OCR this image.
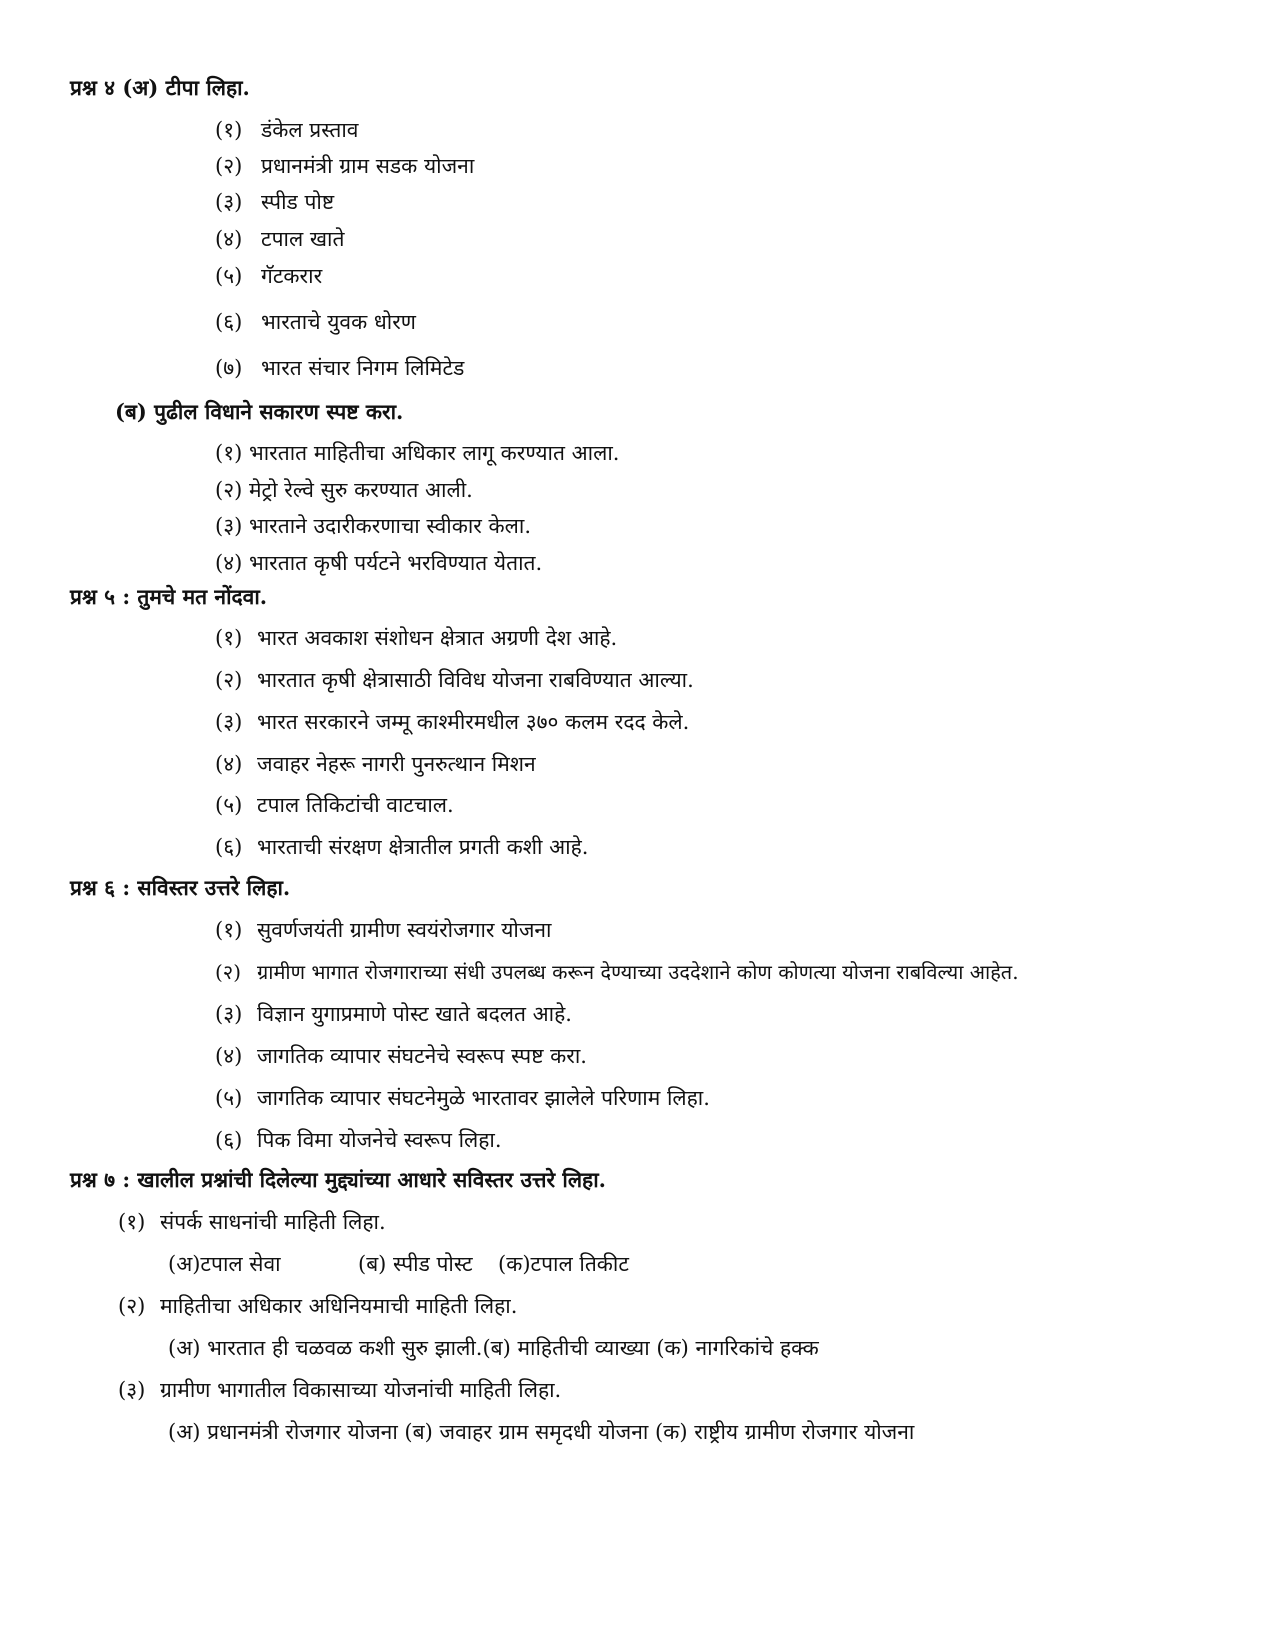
प्रश्न ४ (अ) टीपा लिहा.
(१) डंकेल प्रस्ताव
(२) प्रधानमंत्री ग्राम सडक योजना
(३) स्पीड पोष्ट
(४) टपाल खाते
(५) गॅटकरार
(६) भारताचे युवक धोरण
(७) भारत संचार निगम लिमिटेड
(ब) पुढील विधाने सकारण स्पष्ट करा.
(१) भारतात माहितीचा अधिकार लागू करण्यात आला.
(२) मेट्रो रेल्वे सुरु करण्यात आली.
(३) भारताने उदारीकरणाचा स्वीकार केला.
(४) भारतात कृषी पर्यटने भरविण्यात येतात.
प्रश्न ५ : तुमचे मत नोंदवा.
(१) भारत अवकाश संशोधन क्षेत्रात अग्रणी देश आहे.
(२) भारतात कृषी क्षेत्रासाठी विविध योजना राबविण्यात आल्या.
(३) भारत सरकारने जम्मू काश्मीरमधील ३७० कलम रदद केले.
(४) जवाहर नेहरू नागरी पुनरुत्थान मिशन
(५) टपाल तिकिटांची वाटचाल.
(६) भारताची संरक्षण क्षेत्रातील प्रगती कशी आहे.
प्रश्न ६ : सविस्तर उत्तरे लिहा.
(१) सुवर्णजयंती ग्रामीण स्वयंरोजगार योजना
(२) ग्रामीण भागात रोजगाराच्या संधी उपलब्ध करून देण्याच्या उददेशाने कोण कोणत्या योजना राबविल्या आहेत.
(३) विज्ञान युगाप्रमाणे पोस्ट खाते बदलत आहे.
(४) जागतिक व्यापार संघटनेचे स्वरूप स्पष्ट करा.
(५) जागतिक व्यापार संघटनेमुळे भारतावर झालेले परिणाम लिहा.
(६) पिक विमा योजनेचे स्वरूप लिहा.
प्रश्न ७ : खालील प्रश्नांची दिलेल्या मुद्द्यांच्या आधारे सविस्तर उत्तरे लिहा.
(१) संपर्क साधनांची माहिती लिहा.
(अ)टपाल सेवा	(ब) स्पीड पोस्ट (क)टपाल तिकीट
(२) माहितीचा अधिकार अधिनियमाची माहिती लिहा.
(अ) भारतात ही चळवळ कशी सुरु झाली.(ब) माहितीची व्याख्या (क) नागरिकांचे हक्क
(३) ग्रामीण भागातील विकासाच्या योजनांची माहिती लिहा.
(अ) प्रधानमंत्री रोजगार योजना (ब) जवाहर ग्राम समृदधी योजना (क) राष्ट्रीय ग्रामीण रोजगार योजना
